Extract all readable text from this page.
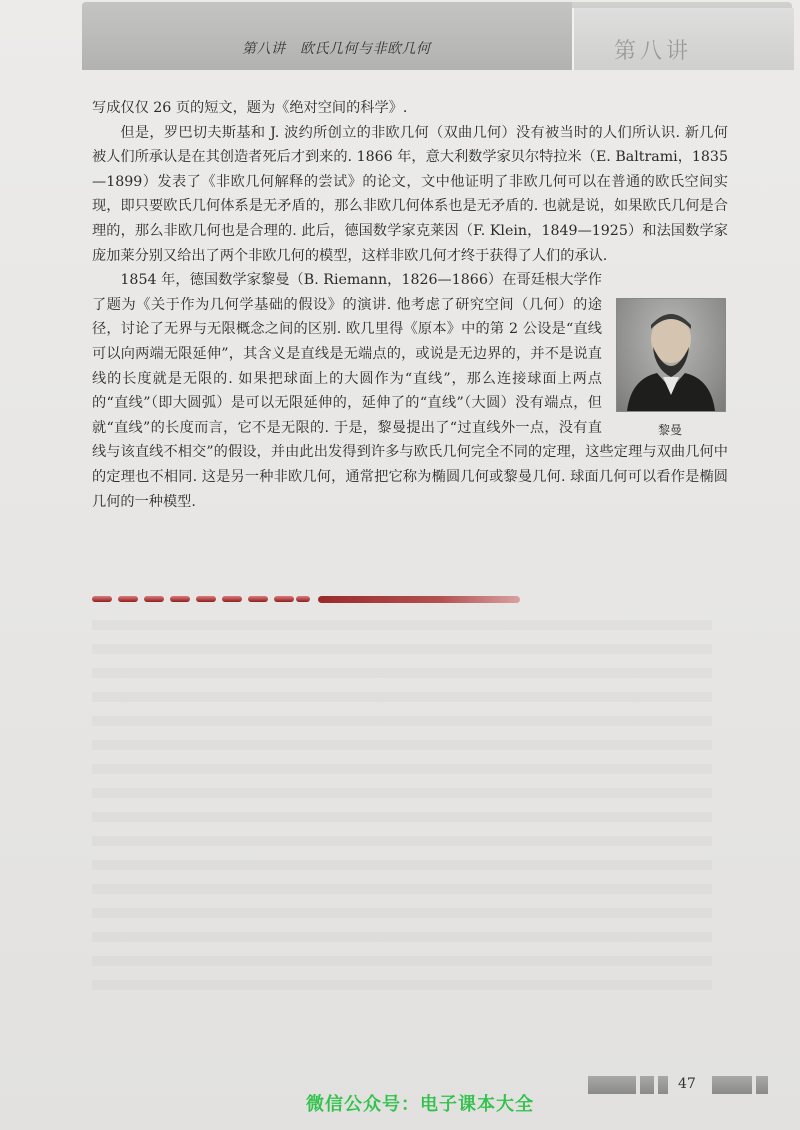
第八讲　欧氏几何与非欧几何	第八讲

写成仅仅 26 页的短文，题为《绝对空间的科学》.

但是，罗巴切夫斯基和 J. 波约所创立的非欧几何（双曲几何）没有被当时的人们所认识. 新几何被人们所承认是在其创造者死后才到来的. 1866 年，意大利数学家贝尔特拉米（E. Baltrami，1835—1899）发表了《非欧几何解释的尝试》的论文，文中他证明了非欧几何可以在普通的欧氏空间实现，即只要欧氏几何体系是无矛盾的，那么非欧几何体系也是无矛盾的. 也就是说，如果欧氏几何是合理的，那么非欧几何也是合理的. 此后，德国数学家克莱因（F. Klein，1849—1925）和法国数学家庞加莱分别又给出了两个非欧几何的模型，这样非欧几何才终于获得了人们的承认.

黎曼

1854 年，德国数学家黎曼（B. Riemann，1826—1866）在哥廷根大学作了题为《关于作为几何学基础的假设》的演讲. 他考虑了研究空间（几何）的途径，讨论了无界与无限概念之间的区别. 欧几里得《原本》中的第 2 公设是“直线可以向两端无限延伸”，其含义是直线是无端点的，或说是无边界的，并不是说直线的长度就是无限的. 如果把球面上的大圆作为“直线”，那么连接球面上两点的“直线”（即大圆弧）是可以无限延伸的，延伸了的“直线”（大圆）没有端点，但就“直线”的长度而言，它不是无限的. 于是，黎曼提出了“过直线外一点，没有直线与该直线不相交”的假设，并由此出发得到许多与欧氏几何完全不同的定理，这些定理与双曲几何中的定理也不相同. 这是另一种非欧几何，通常把它称为椭圆几何或黎曼几何. 球面几何可以看作是椭圆几何的一种模型.

47
微信公众号：电子课本大全
